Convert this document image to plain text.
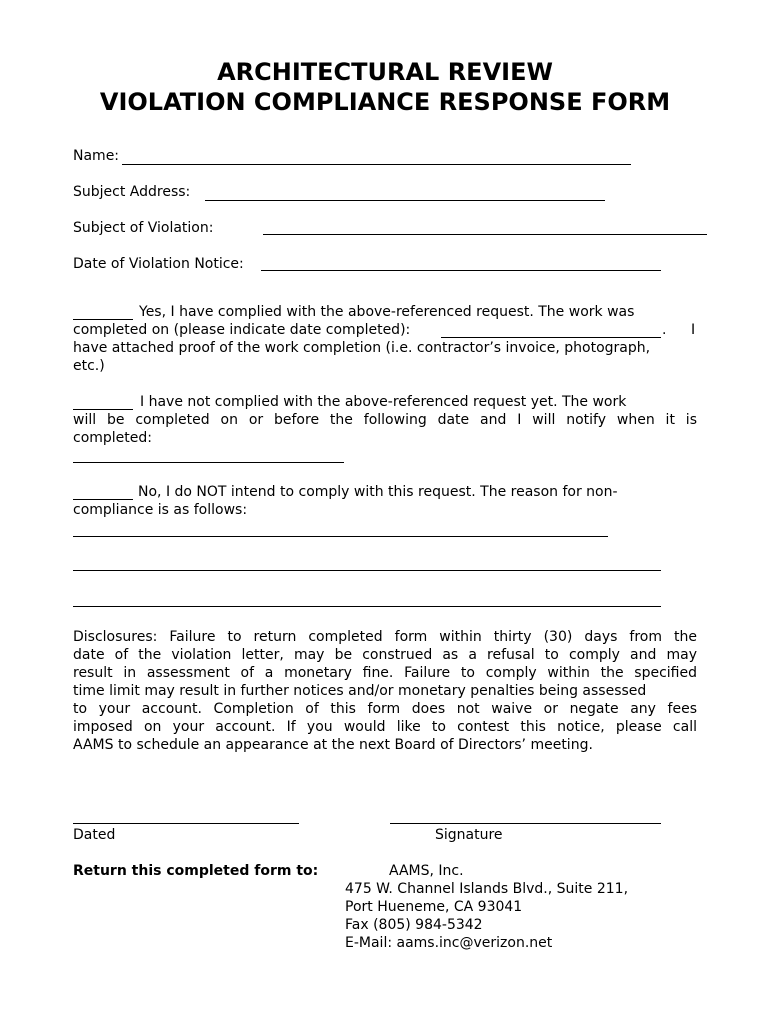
ARCHITECTURAL REVIEW
VIOLATION COMPLIANCE RESPONSE FORM
Name:
Subject Address:
Subject of Violation:
Date of Violation Notice:
Yes, I have complied with the above-referenced request. The work was
completed on (please indicate date completed):	. I
have attached proof of the work completion (i.e. contractor’s invoice, photograph,
etc.)
I have not complied with the above-referenced request yet. The work
will be completed on or before the following date and I will notify when it is
completed:
No, I do NOT intend to comply with this request. The reason for non-
compliance is as follows:
Disclosures: Failure to return completed form within thirty (30) days from the
date of the violation letter, may be construed as a refusal to comply and may
result in assessment of a monetary fine. Failure to comply within the specified
time limit may result in further notices and/or monetary penalties being assessed
to your account. Completion of this form does not waive or negate any fees
imposed on your account. If you would like to contest this notice, please call
AAMS to schedule an appearance at the next Board of Directors’ meeting.
Dated	Signature
Return this completed form to:	AAMS, Inc.
475 W. Channel Islands Blvd., Suite 211,
Port Hueneme, CA 93041
Fax (805) 984-5342
E-Mail: aams.inc@verizon.net
